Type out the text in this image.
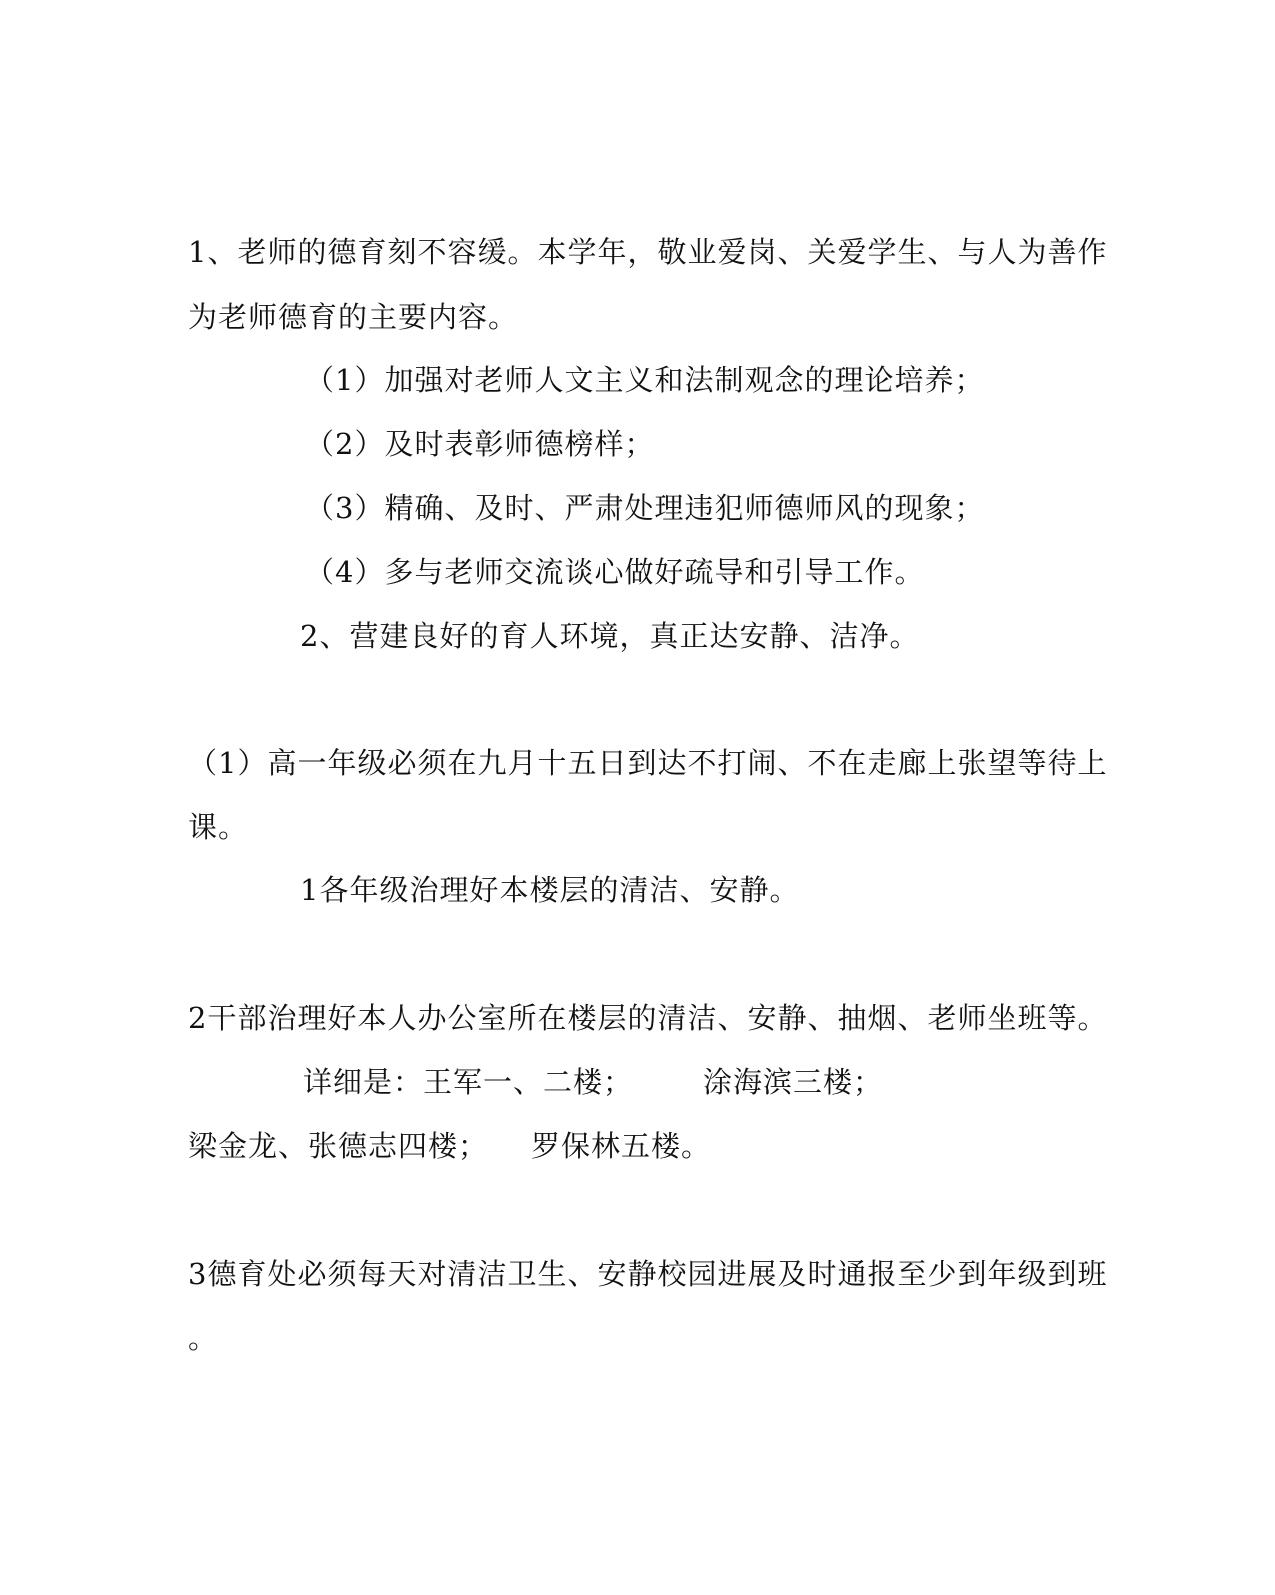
1、老师的德育刻不容缓。本学年，敬业爱岗、关爱学生、与人为善作
为老师德育的主要内容。
（1）加强对老师人文主义和法制观念的理论培养；
（2）及时表彰师德榜样；
（3）精确、及时、严肃处理违犯师德师风的现象；
（4）多与老师交流谈心做好疏导和引导工作。
2、营建良好的育人环境，真正达安静、洁净。
（1）高一年级必须在九月十五日到达不打闹、不在走廊上张望等待上
课。
1各年级治理好本楼层的清洁、安静。
2干部治理好本人办公室所在楼层的清洁、安静、抽烟、老师坐班等。
详细是：王军一、二楼； 涂海滨三楼；
梁金龙、张德志四楼； 罗保林五楼。
3德育处必须每天对清洁卫生、安静校园进展及时通报至少到年级到班
。
